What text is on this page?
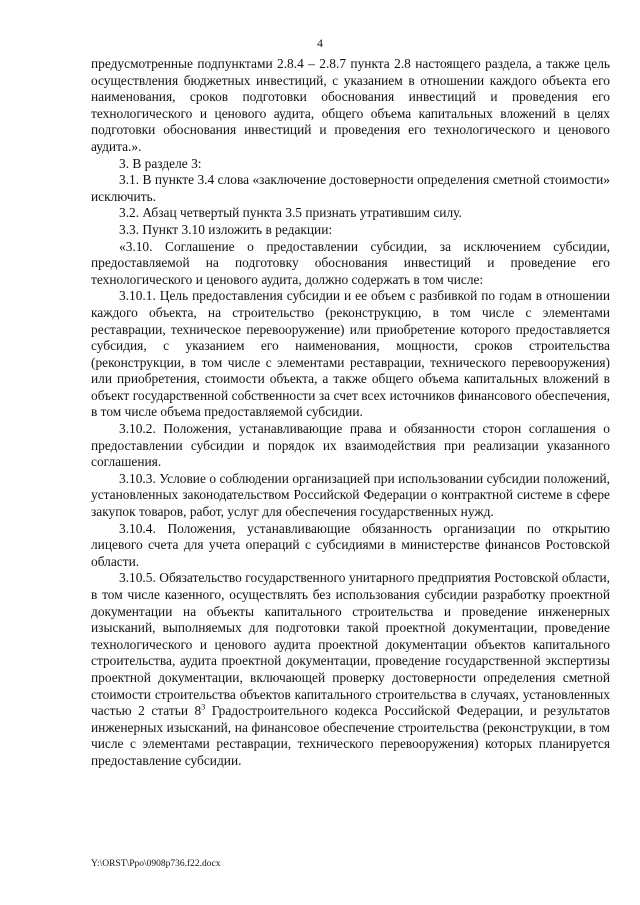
4

предусмотренные подпунктами 2.8.4 – 2.8.7 пункта 2.8 настоящего раздела, а также цель осуществления бюджетных инвестиций, с указанием в отношении каждого объекта его наименования, сроков подготовки обоснования инвестиций и проведения его технологического и ценового аудита, общего объема капитальных вложений в целях подготовки обоснования инвестиций и проведения его технологического и ценового аудита.».

3. В разделе 3:

3.1. В пункте 3.4 слова «заключение достоверности определения сметной стоимости» исключить.

3.2. Абзац четвертый пункта 3.5 признать утратившим силу.

3.3. Пункт 3.10 изложить в редакции:

«3.10. Соглашение о предоставлении субсидии, за исключением субсидии, предоставляемой на подготовку обоснования инвестиций и проведение его технологического и ценового аудита, должно содержать в том числе:

3.10.1. Цель предоставления субсидии и ее объем с разбивкой по годам в отношении каждого объекта, на строительство (реконструкцию, в том числе с элементами реставрации, техническое перевооружение) или приобретение которого предоставляется субсидия, с указанием его наименования, мощности, сроков строительства (реконструкции, в том числе с элементами реставрации, технического перевооружения) или приобретения, стоимости объекта, а также общего объема капитальных вложений в объект государственной собственности за счет всех источников финансового обеспечения, в том числе объема предоставляемой субсидии.

3.10.2. Положения, устанавливающие права и обязанности сторон соглашения о предоставлении субсидии и порядок их взаимодействия при реализации указанного соглашения.

3.10.3. Условие о соблюдении организацией при использовании субсидии положений, установленных законодательством Российской Федерации о контрактной системе в сфере закупок товаров, работ, услуг для обеспечения государственных нужд.

3.10.4. Положения, устанавливающие обязанность организации по открытию лицевого счета для учета операций с субсидиями в министерстве финансов Ростовской области.

3.10.5. Обязательство государственного унитарного предприятия Ростовской области, в том числе казенного, осуществлять без использования субсидии разработку проектной документации на объекты капитального строительства и проведение инженерных изысканий, выполняемых для подготовки такой проектной документации, проведение технологического и ценового аудита проектной документации объектов капитального строительства, аудита проектной документации, проведение государственной экспертизы проектной документации, включающей проверку достоверности определения сметной стоимости строительства объектов капитального строительства в случаях, установленных частью 2 статьи $8^3$ Градостроительного кодекса Российской Федерации, и результатов инженерных изысканий, на финансовое обеспечение строительства (реконструкции, в том числе с элементами реставрации, технического перевооружения) которых планируется предоставление субсидии.

Y:\ORST\Ppo\0908p736.f22.docx
